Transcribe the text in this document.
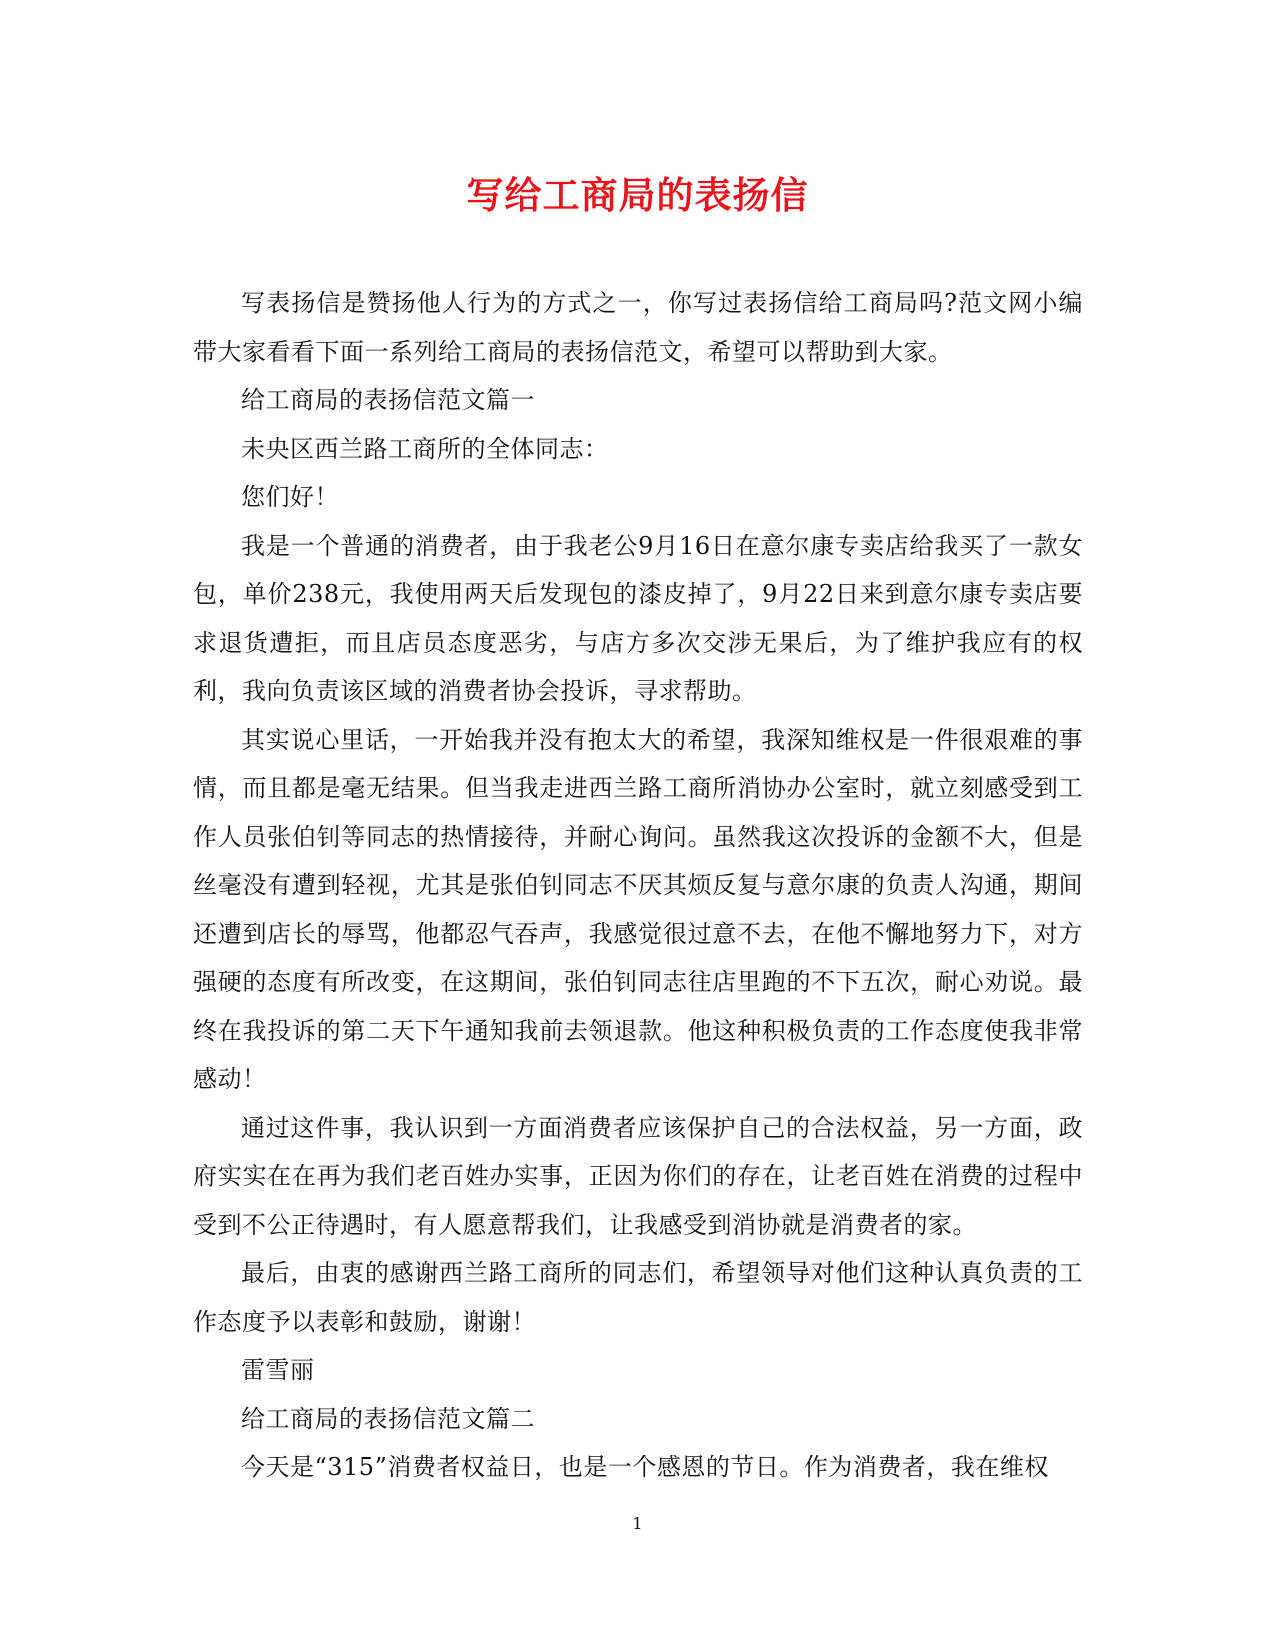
写给工商局的表扬信

写表扬信是赞扬他人行为的方式之一，你写过表扬信给工商局吗?范文网小编带大家看看下面一系列给工商局的表扬信范文，希望可以帮助到大家。

给工商局的表扬信范文篇一

未央区西兰路工商所的全体同志：

您们好！

我是一个普通的消费者，由于我老公9月16日在意尔康专卖店给我买了一款女包，单价238元，我使用两天后发现包的漆皮掉了，9月22日来到意尔康专卖店要求退货遭拒，而且店员态度恶劣，与店方多次交涉无果后，为了维护我应有的权利，我向负责该区域的消费者协会投诉，寻求帮助。

其实说心里话，一开始我并没有抱太大的希望，我深知维权是一件很艰难的事情，而且都是毫无结果。但当我走进西兰路工商所消协办公室时，就立刻感受到工作人员张伯钊等同志的热情接待，并耐心询问。虽然我这次投诉的金额不大，但是丝毫没有遭到轻视，尤其是张伯钊同志不厌其烦反复与意尔康的负责人沟通，期间还遭到店长的辱骂，他都忍气吞声，我感觉很过意不去，在他不懈地努力下，对方强硬的态度有所改变，在这期间，张伯钊同志往店里跑的不下五次，耐心劝说。最终在我投诉的第二天下午通知我前去领退款。他这种积极负责的工作态度使我非常感动！

通过这件事，我认识到一方面消费者应该保护自己的合法权益，另一方面，政府实实在在再为我们老百姓办实事，正因为你们的存在，让老百姓在消费的过程中受到不公正待遇时，有人愿意帮我们，让我感受到消协就是消费者的家。

最后，由衷的感谢西兰路工商所的同志们，希望领导对他们这种认真负责的工作态度予以表彰和鼓励，谢谢！

雷雪丽

给工商局的表扬信范文篇二

今天是“315”消费者权益日，也是一个感恩的节日。作为消费者，我在维权

1
